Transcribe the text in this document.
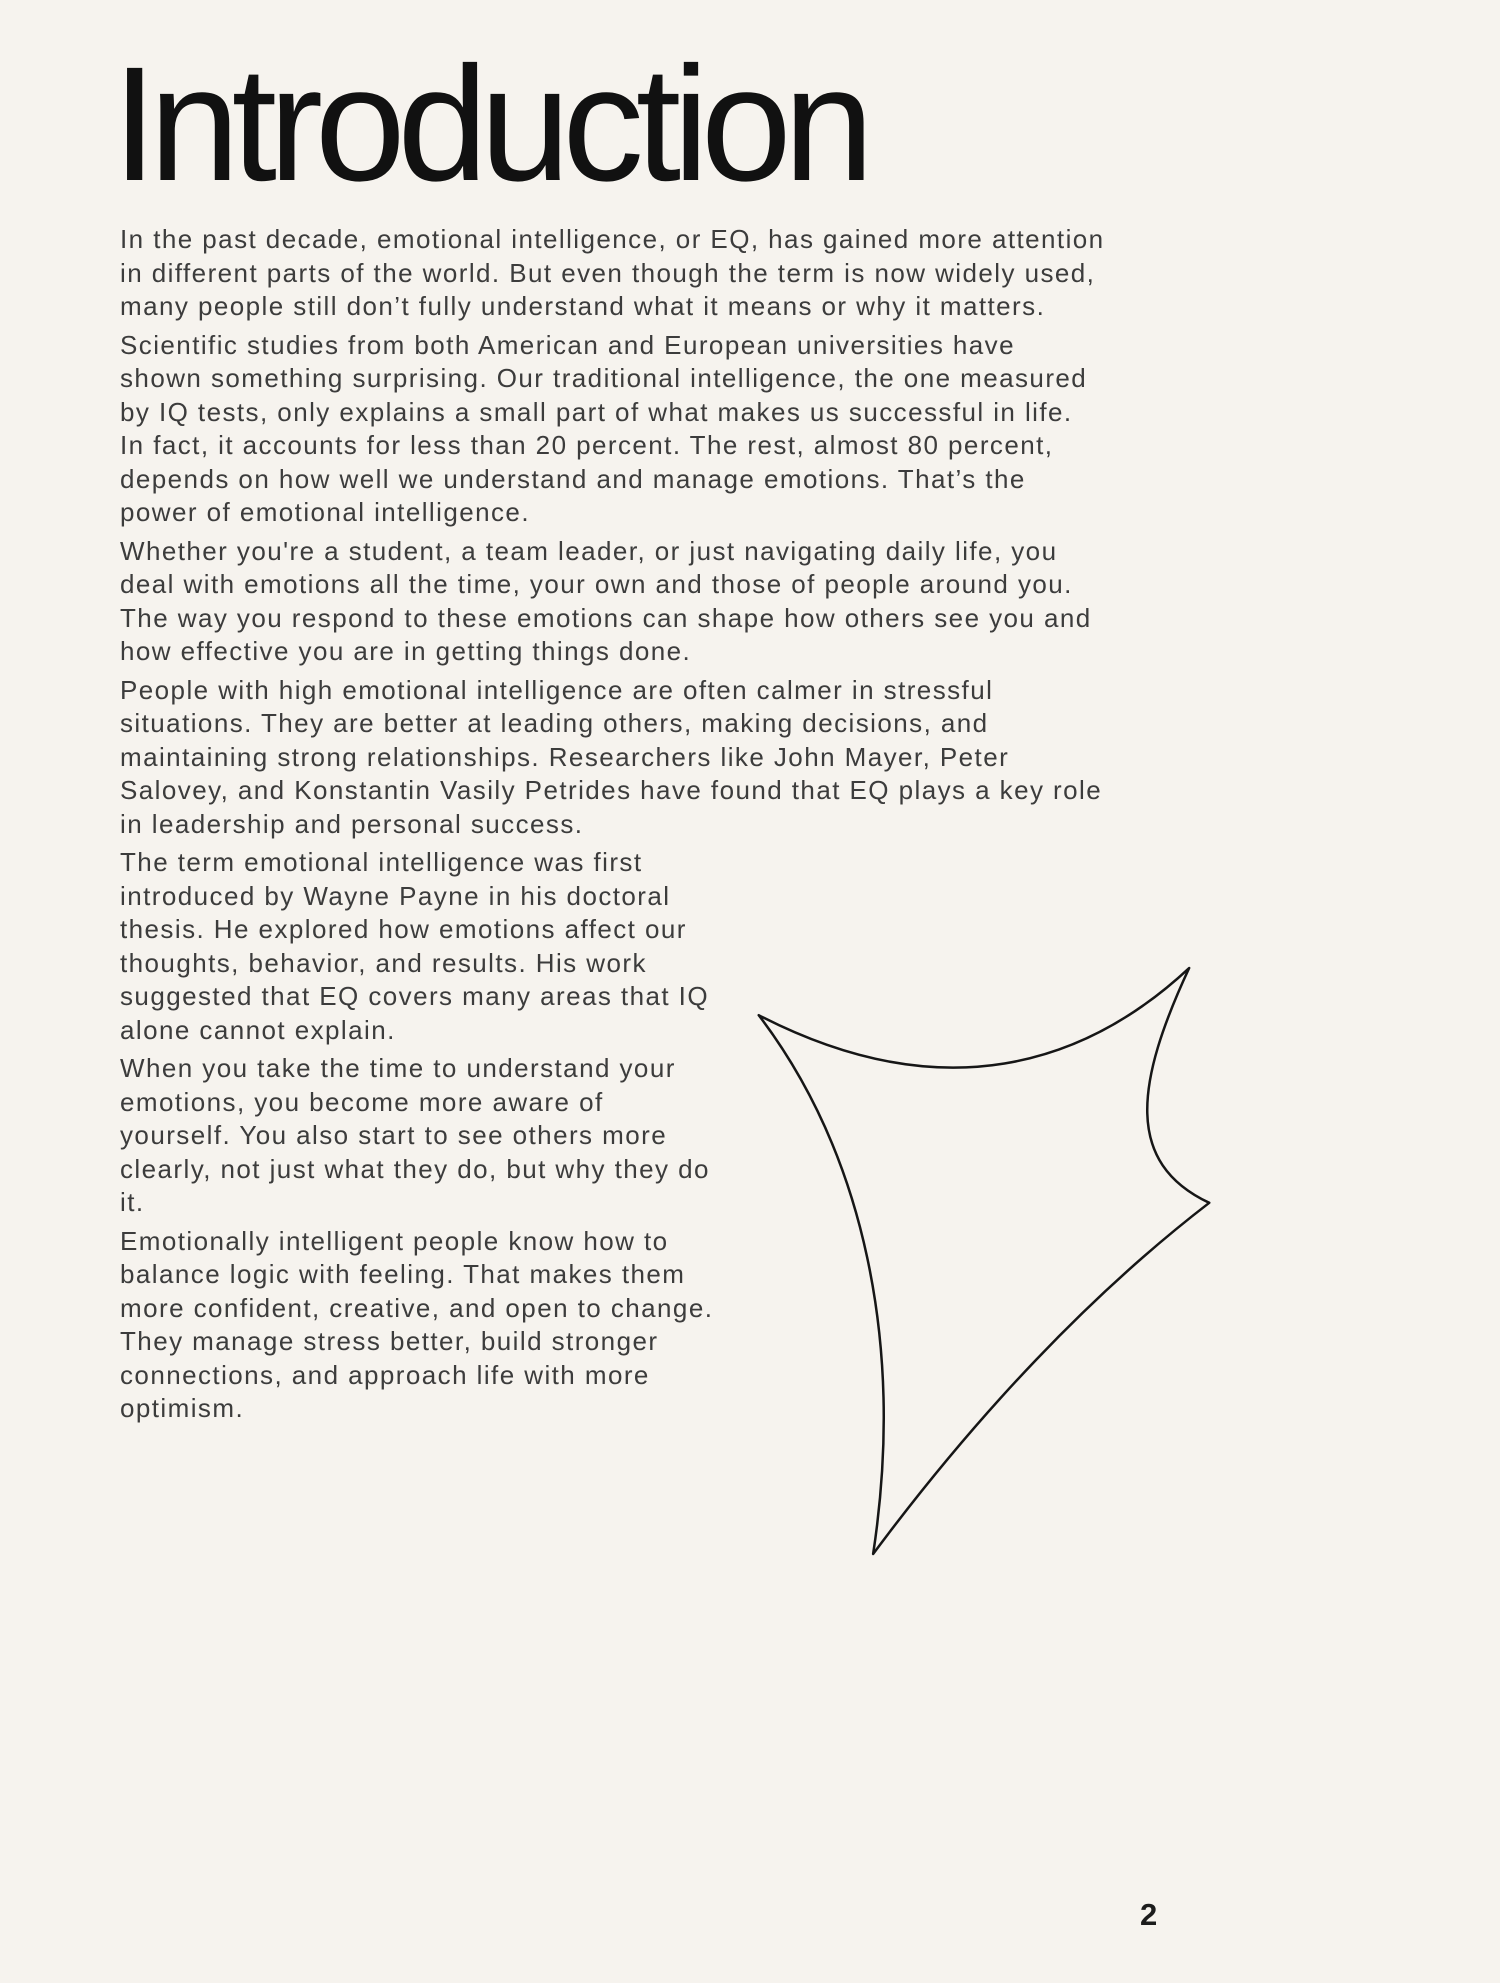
Introduction

In the past decade, emotional intelligence, or EQ, has gained more attention in different parts of the world. But even though the term is now widely used, many people still don’t fully understand what it means or why it matters.

Scientific studies from both American and European universities have shown something surprising. Our traditional intelligence, the one measured by IQ tests, only explains a small part of what makes us successful in life. In fact, it accounts for less than 20 percent. The rest, almost 80 percent, depends on how well we understand and manage emotions. That’s the power of emotional intelligence.

Whether you're a student, a team leader, or just navigating daily life, you deal with emotions all the time, your own and those of people around you. The way you respond to these emotions can shape how others see you and how effective you are in getting things done.

People with high emotional intelligence are often calmer in stressful situations. They are better at leading others, making decisions, and maintaining strong relationships. Researchers like John Mayer, Peter Salovey, and Konstantin Vasily Petrides have found that EQ plays a key role in leadership and personal success.

The term emotional intelligence was first introduced by Wayne Payne in his doctoral thesis. He explored how emotions affect our thoughts, behavior, and results. His work suggested that EQ covers many areas that IQ alone cannot explain.

When you take the time to understand your emotions, you become more aware of yourself. You also start to see others more clearly, not just what they do, but why they do it.

Emotionally intelligent people know how to balance logic with feeling. That makes them more confident, creative, and open to change. They manage stress better, build stronger connections, and approach life with more optimism.

2
